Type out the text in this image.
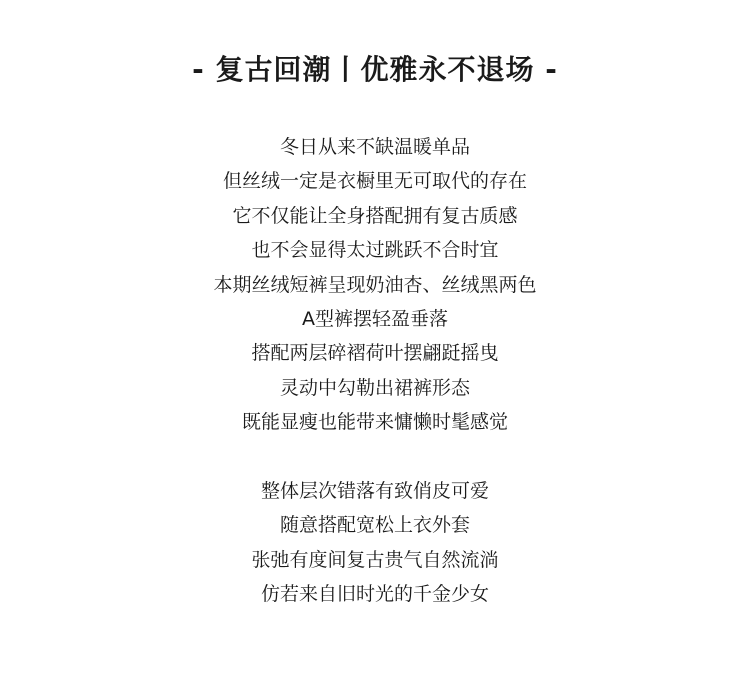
- 复古回潮丨优雅永不退场 -
冬日从来不缺温暖单品
但丝绒一定是衣橱里无可取代的存在
它不仅能让全身搭配拥有复古质感
也不会显得太过跳跃不合时宜
本期丝绒短裤呈现奶油杏、丝绒黑两色
A型裤摆轻盈垂落
搭配两层碎褶荷叶摆翩跹摇曳
灵动中勾勒出裙裤形态
既能显瘦也能带来慵懒时髦感觉
整体层次错落有致俏皮可爱
随意搭配宽松上衣外套
张弛有度间复古贵气自然流淌
仿若来自旧时光的千金少女
